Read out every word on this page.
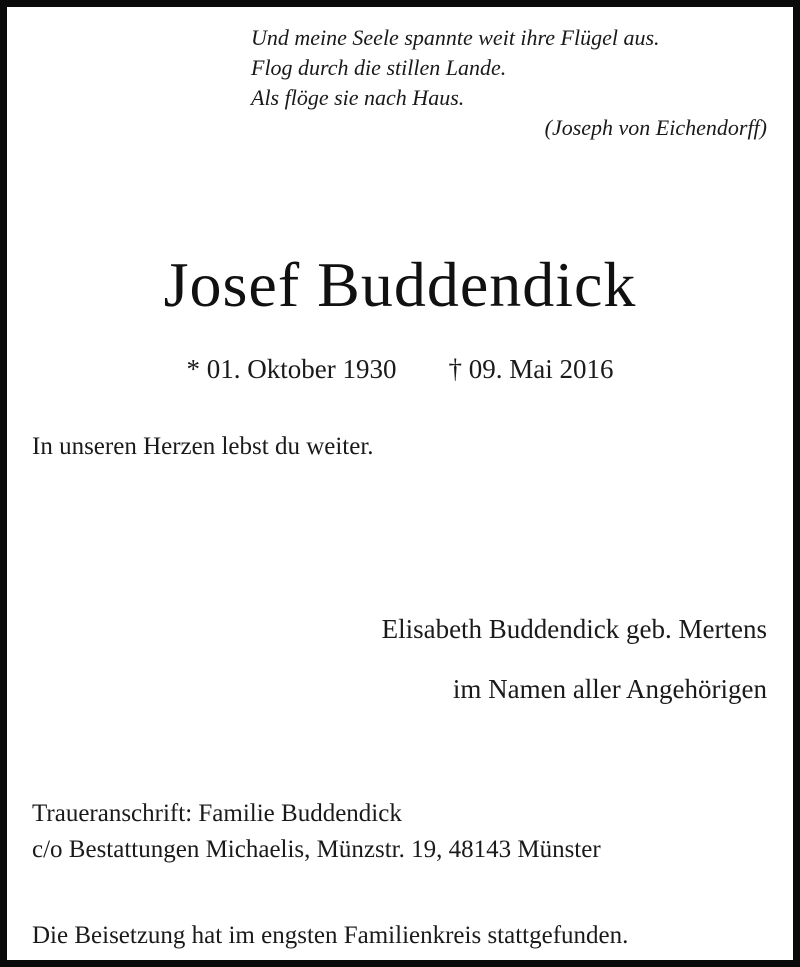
Und meine Seele spannte weit ihre Flügel aus.
Flog durch die stillen Lande.
Als flöge sie nach Haus.
(Joseph von Eichendorff)
Josef Buddendick
* 01. Oktober 1930 † 09. Mai 2016
In unseren Herzen lebst du weiter.
Elisabeth Buddendick geb. Mertens
im Namen aller Angehörigen
Traueranschrift: Familie Buddendick
c/o Bestattungen Michaelis, Münzstr. 19, 48143 Münster
Die Beisetzung hat im engsten Familienkreis stattgefunden.
